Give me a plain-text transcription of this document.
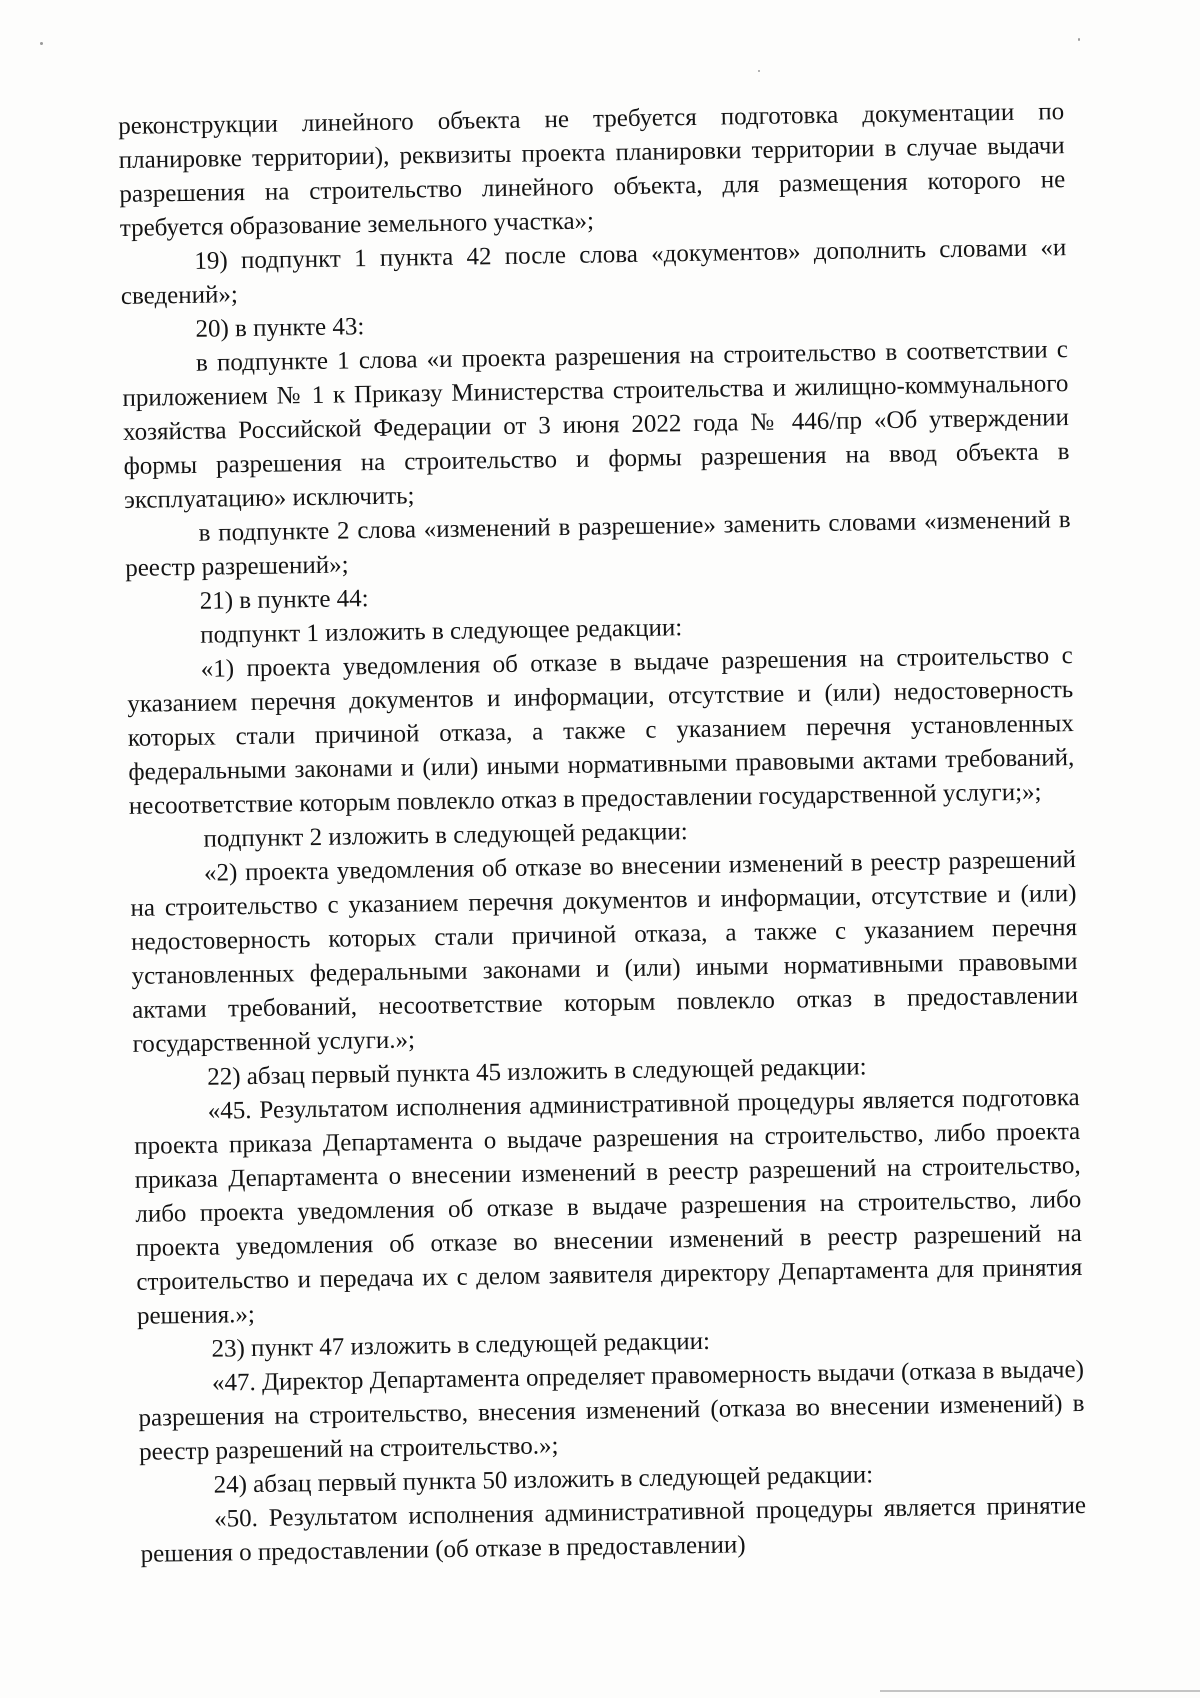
реконструкции линейного объекта не требуется подготовка документации по планировке территории), реквизиты проекта планировки территории в случае выдачи разрешения на строительство линейного объекта, для размещения которого не требуется образование земельного участка»;

19) подпункт 1 пункта 42 после слова «документов» дополнить словами «и сведений»;

20) в пункте 43:

в подпункте 1 слова «и проекта разрешения на строительство в соответствии с приложением № 1 к Приказу Министерства строительства и жилищно-коммунального хозяйства Российской Федерации от 3 июня 2022 года № 446/пр «Об утверждении формы разрешения на строительство и формы разрешения на ввод объекта в эксплуатацию» исключить;

в подпункте 2 слова «изменений в разрешение» заменить словами «изменений в реестр разрешений»;

21) в пункте 44:

подпункт 1 изложить в следующее редакции:

«1) проекта уведомления об отказе в выдаче разрешения на строительство с указанием перечня документов и информации, отсутствие и (или) недостоверность которых стали причиной отказа, а также с указанием перечня установленных федеральными законами и (или) иными нормативными правовыми актами требований, несоответствие которым повлекло отказ в предоставлении государственной услуги;»;

подпункт 2 изложить в следующей редакции:

«2) проекта уведомления об отказе во внесении изменений в реестр разрешений на строительство с указанием перечня документов и информации, отсутствие и (или) недостоверность которых стали причиной отказа, а также с указанием перечня установленных федеральными законами и (или) иными нормативными правовыми актами требований, несоответствие которым повлекло отказ в предоставлении государственной услуги.»;

22) абзац первый пункта 45 изложить в следующей редакции:

«45. Результатом исполнения административной процедуры является подготовка проекта приказа Департамента о выдаче разрешения на строительство, либо проекта приказа Департамента о внесении изменений в реестр разрешений на строительство, либо проекта уведомления об отказе в выдаче разрешения на строительство, либо проекта уведомления об отказе во внесении изменений в реестр разрешений на строительство и передача их с делом заявителя директору Департамента для принятия решения.»;

23) пункт 47 изложить в следующей редакции:

«47. Директор Департамента определяет правомерность выдачи (отказа в выдаче) разрешения на строительство, внесения изменений (отказа во внесении изменений) в реестр разрешений на строительство.»;

24) абзац первый пункта 50 изложить в следующей редакции:

«50. Результатом исполнения административной процедуры является принятие решения о предоставлении (об отказе в предоставлении)
